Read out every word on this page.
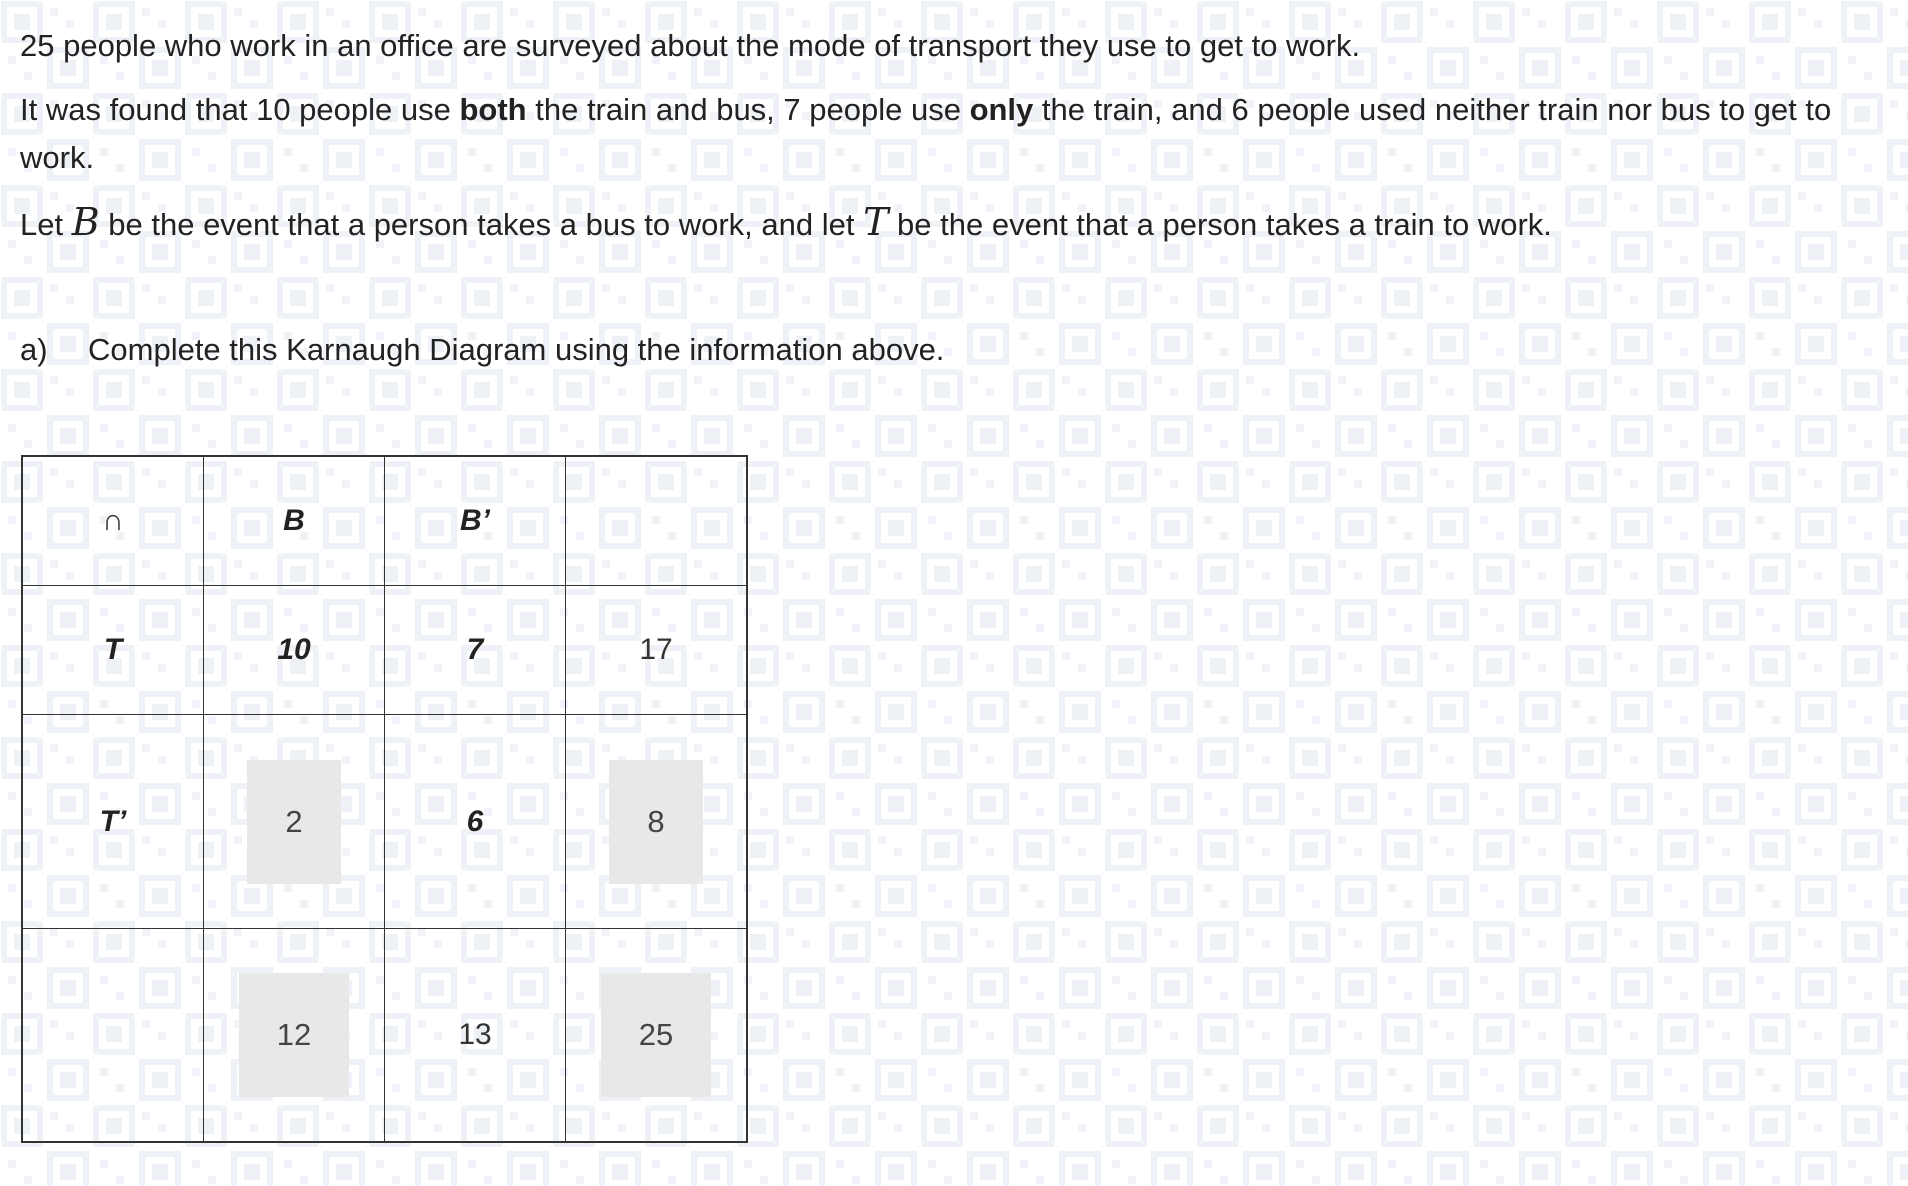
25 people who work in an office are surveyed about the mode of transport they use to get to work.

It was found that 10 people use both the train and bus, 7 people use only the train, and 6 people used neither train nor bus to get to work.

Let B be the event that a person takes a bus to work, and let T be the event that a person takes a train to work.

a) Complete this Karnaugh Diagram using the information above.
∩	B	B’	
T	10	7	17
T’	2	6	8
	12	13	25
